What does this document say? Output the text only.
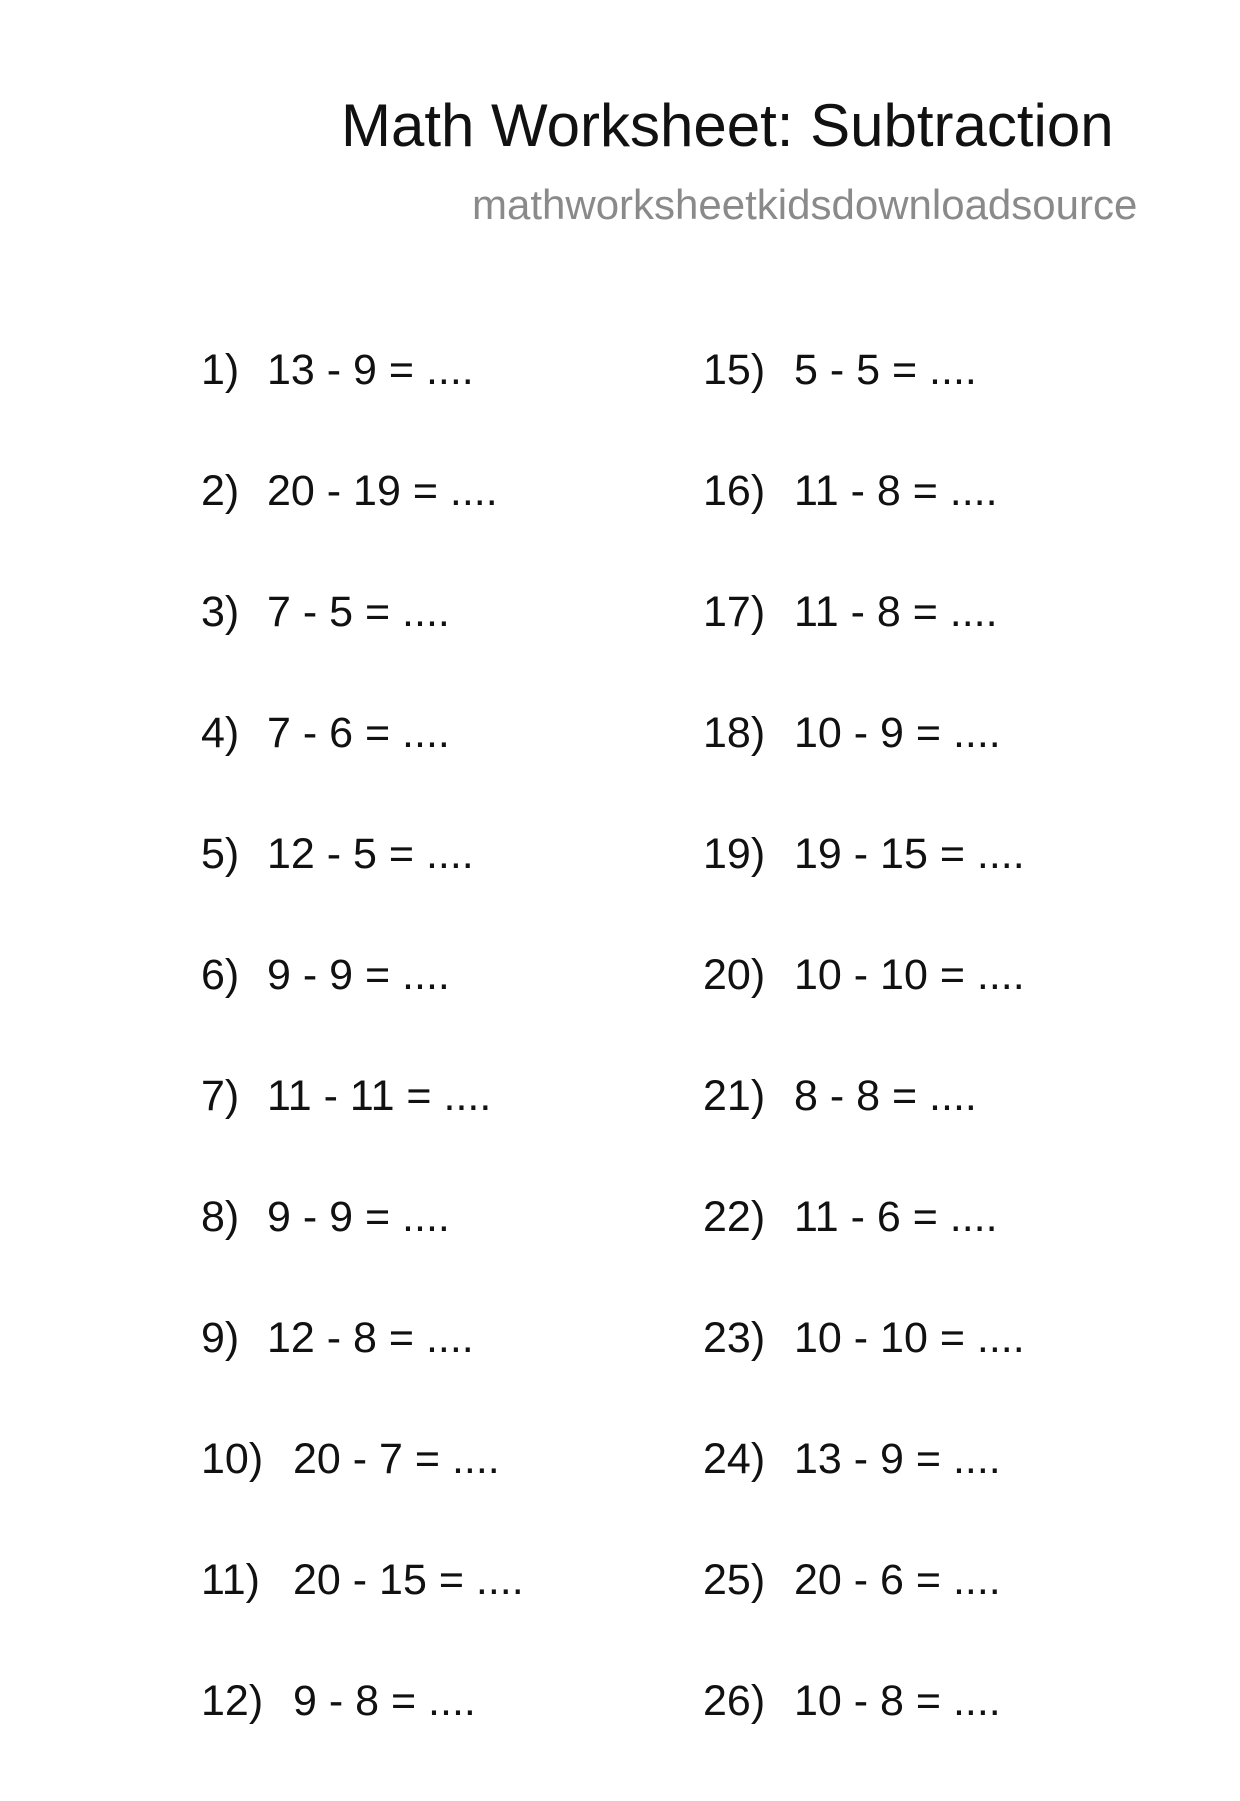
Math Worksheet: Subtraction
mathworksheetkidsdownloadsource
1) 13 - 9 = ....
2) 20 - 19 = ....
3) 7 - 5 = ....
4) 7 - 6 = ....
5) 12 - 5 = ....
6) 9 - 9 = ....
7) 11 - 11 = ....
8) 9 - 9 = ....
9) 12 - 8 = ....
10) 20 - 7 = ....
11) 20 - 15 = ....
12) 9 - 8 = ....
15) 5 - 5 = ....
16) 11 - 8 = ....
17) 11 - 8 = ....
18) 10 - 9 = ....
19) 19 - 15 = ....
20) 10 - 10 = ....
21) 8 - 8 = ....
22) 11 - 6 = ....
23) 10 - 10 = ....
24) 13 - 9 = ....
25) 20 - 6 = ....
26) 10 - 8 = ....
